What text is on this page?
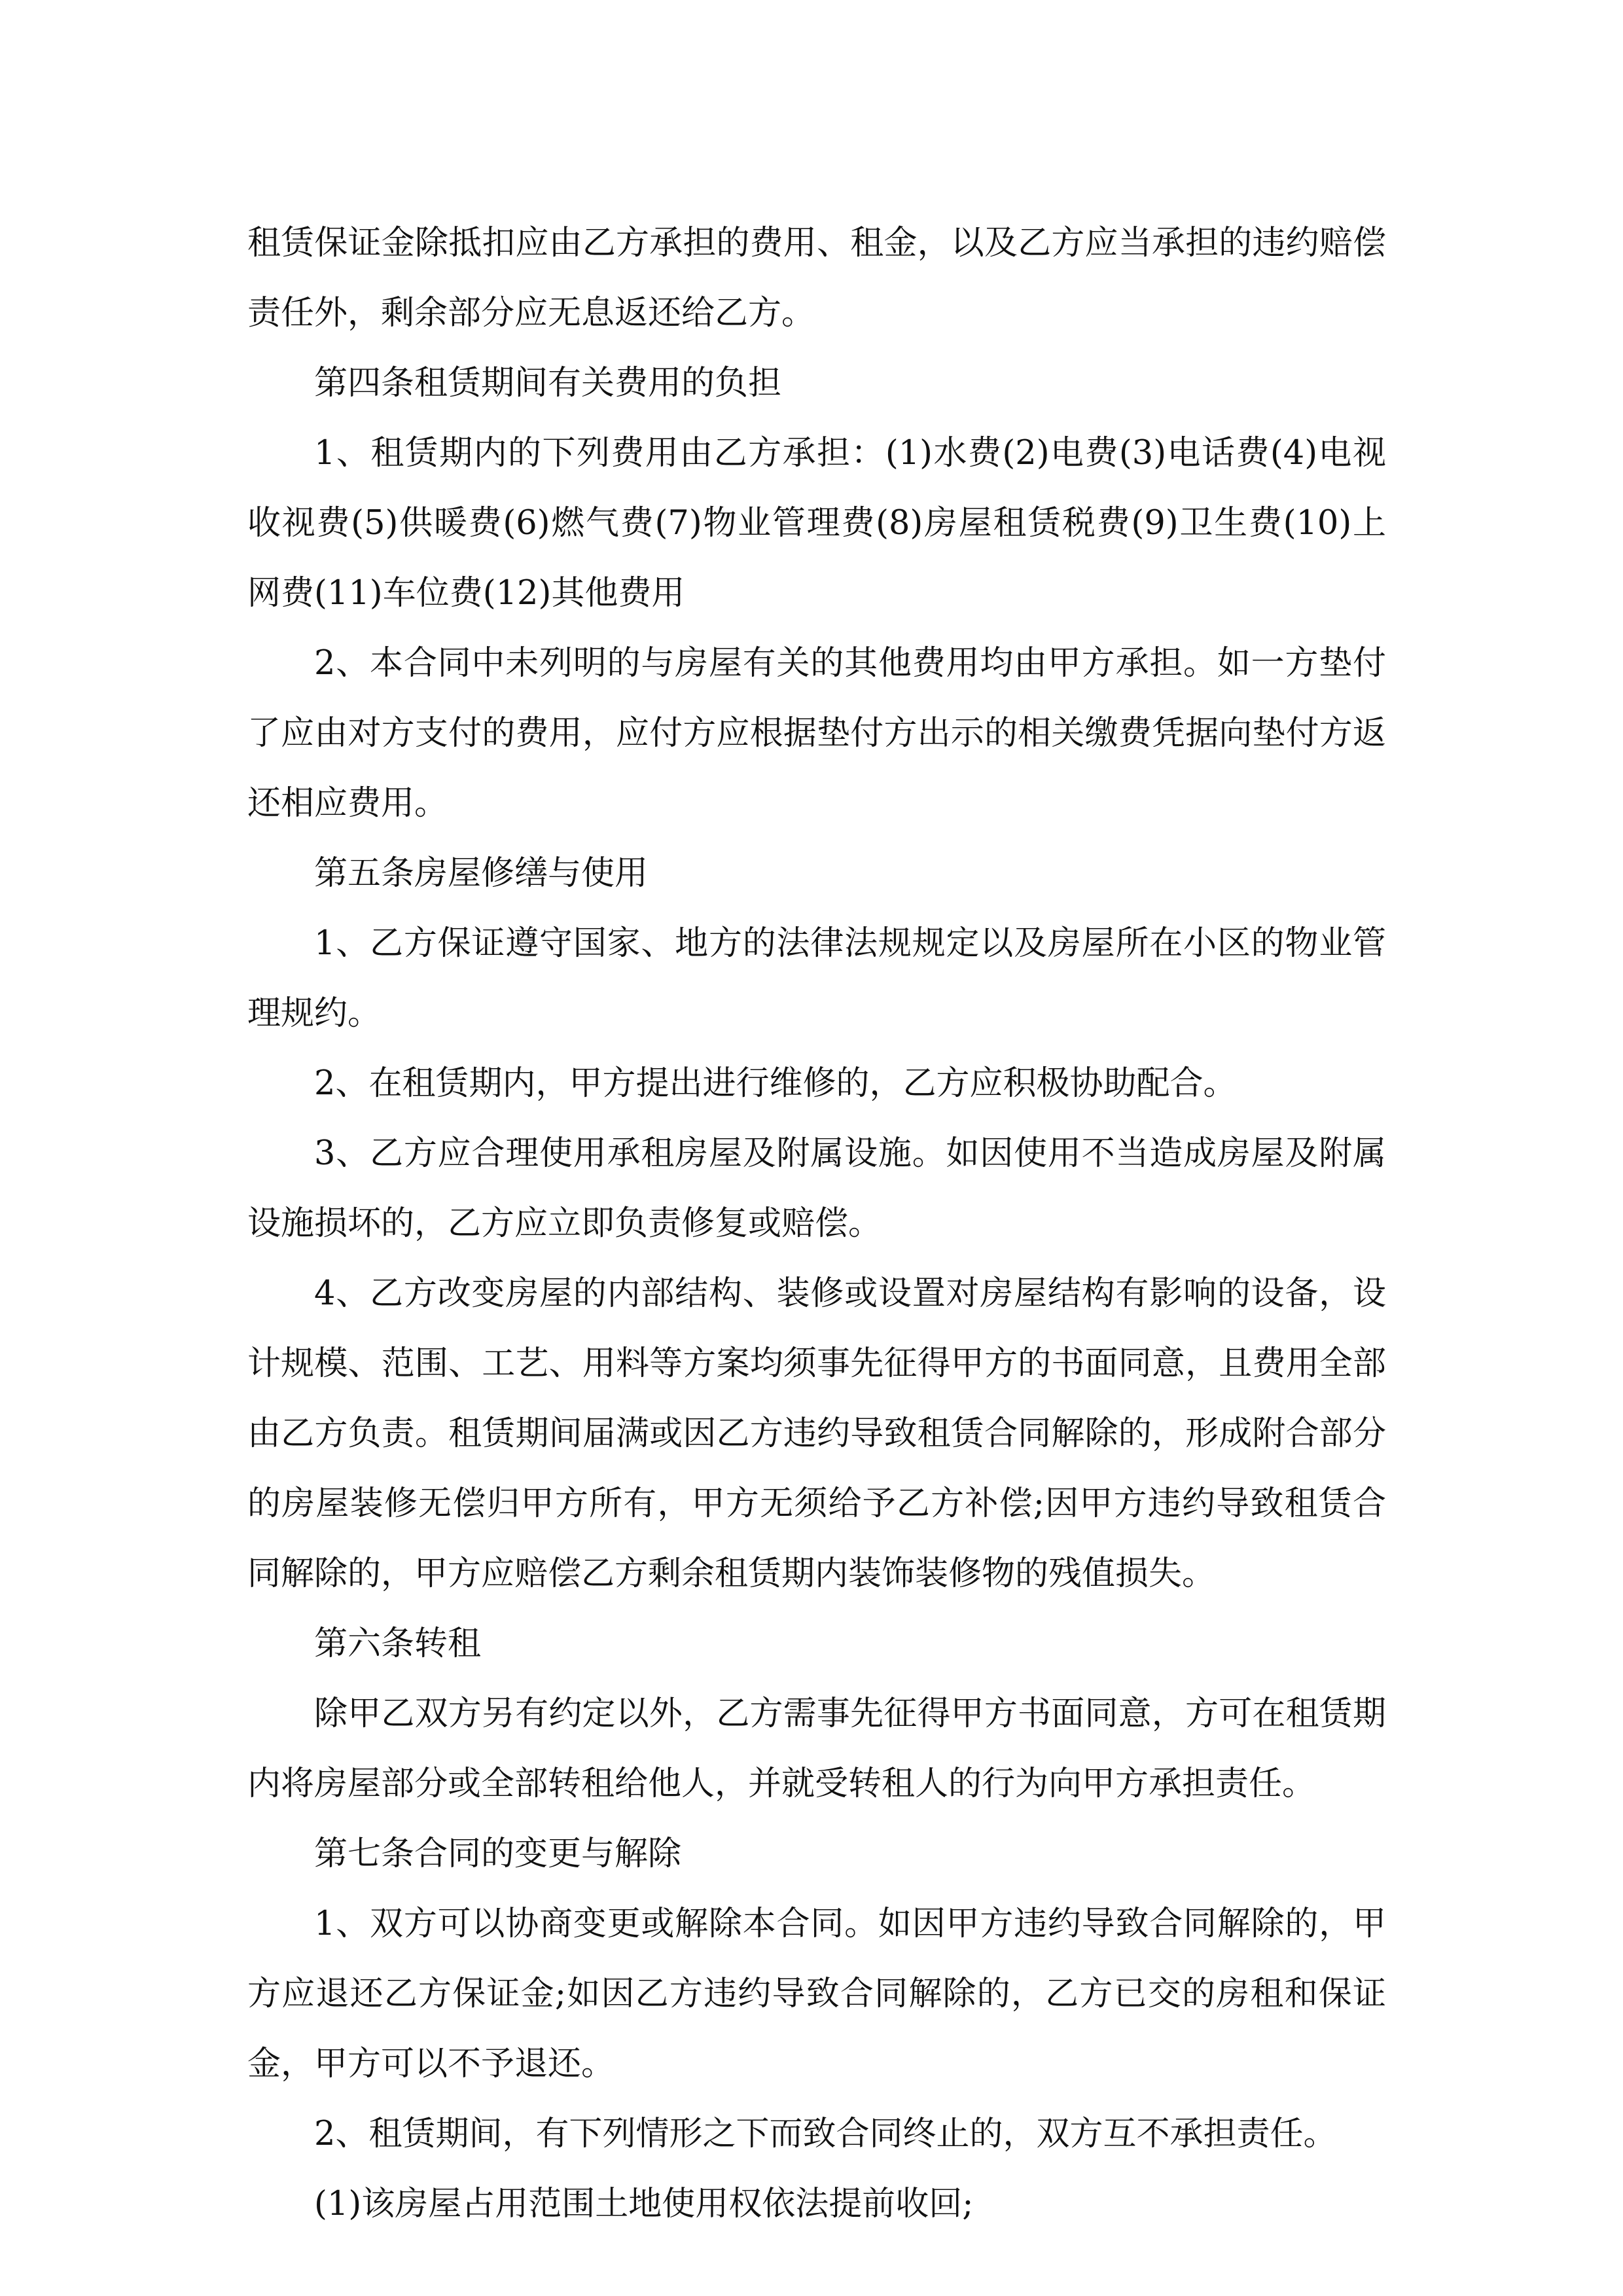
租赁保证金除抵扣应由乙方承担的费用、租金，以及乙方应当承担的违约赔偿责任外，剩余部分应无息返还给乙方。

第四条租赁期间有关费用的负担

1、租赁期内的下列费用由乙方承担：(1)水费(2)电费(3)电话费(4)电视收视费(5)供暖费(6)燃气费(7)物业管理费(8)房屋租赁税费(9)卫生费(10)上网费(11)车位费(12)其他费用

2、本合同中未列明的与房屋有关的其他费用均由甲方承担。如一方垫付了应由对方支付的费用，应付方应根据垫付方出示的相关缴费凭据向垫付方返还相应费用。

第五条房屋修缮与使用

1、乙方保证遵守国家、地方的法律法规规定以及房屋所在小区的物业管理规约。

2、在租赁期内，甲方提出进行维修的，乙方应积极协助配合。

3、乙方应合理使用承租房屋及附属设施。如因使用不当造成房屋及附属设施损坏的，乙方应立即负责修复或赔偿。

4、乙方改变房屋的内部结构、装修或设置对房屋结构有影响的设备，设计规模、范围、工艺、用料等方案均须事先征得甲方的书面同意，且费用全部由乙方负责。租赁期间届满或因乙方违约导致租赁合同解除的，形成附合部分的房屋装修无偿归甲方所有，甲方无须给予乙方补偿;因甲方违约导致租赁合同解除的，甲方应赔偿乙方剩余租赁期内装饰装修物的残值损失。

第六条转租

除甲乙双方另有约定以外，乙方需事先征得甲方书面同意，方可在租赁期内将房屋部分或全部转租给他人，并就受转租人的行为向甲方承担责任。

第七条合同的变更与解除

1、双方可以协商变更或解除本合同。如因甲方违约导致合同解除的，甲方应退还乙方保证金;如因乙方违约导致合同解除的，乙方已交的房租和保证金，甲方可以不予退还。

2、租赁期间，有下列情形之下而致合同终止的，双方互不承担责任。

(1)该房屋占用范围土地使用权依法提前收回;
